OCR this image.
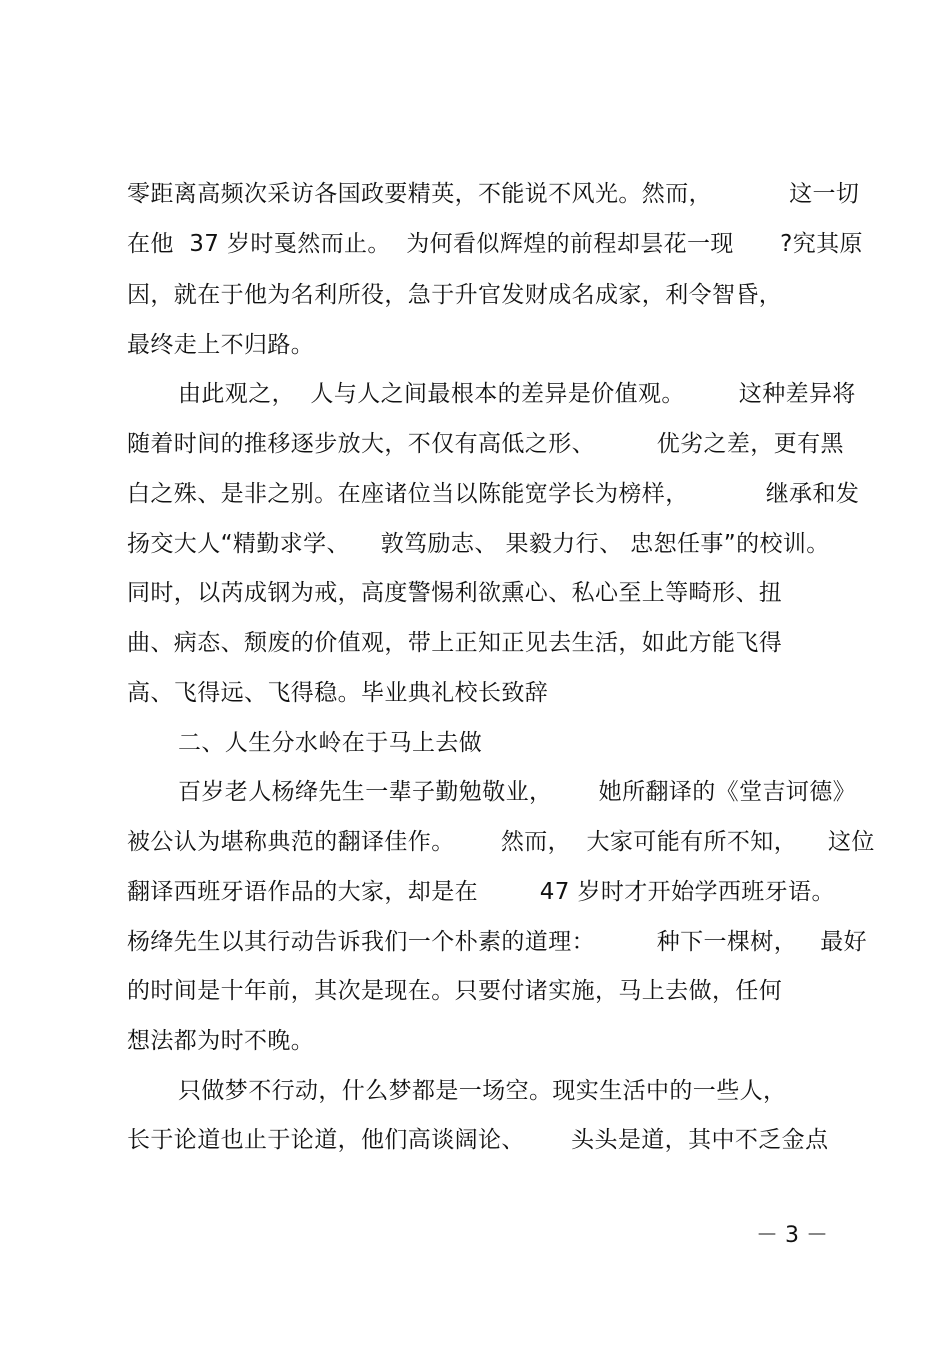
零距离高频次采访各国政要精英，不能说不风光。然而，          这一切
在他  37 岁时戛然而止。  为何看似辉煌的前程却昙花一现      ?究其原
因，就在于他为名利所役，急于升官发财成名成家，利令智昏，
最终走上不归路。
由此观之，  人与人之间最根本的差异是价值观。       这种差异将
随着时间的推移逐步放大，不仅有高低之形、        优劣之差，更有黑
白之殊、是非之别。在座诸位当以陈能宽学长为榜样，          继承和发
扬交大人“精勤求学、    敦笃励志、 果毅力行、 忠恕任事”的校训。
同时，以芮成钢为戒，高度警惕利欲熏心、私心至上等畸形、扭
曲、病态、颓废的价值观，带上正知正见去生活，如此方能飞得
高、飞得远、飞得稳。毕业典礼校长致辞
二、人生分水岭在于马上去做
百岁老人杨绛先生一辈子勤勉敬业，      她所翻译的《堂吉诃德》
被公认为堪称典范的翻译佳作。      然而，  大家可能有所不知，    这位
翻译西班牙语作品的大家，却是在        47 岁时才开始学西班牙语。
杨绛先生以其行动告诉我们一个朴素的道理：        种下一棵树，   最好
的时间是十年前，其次是现在。只要付诸实施，马上去做，任何
想法都为时不晚。
只做梦不行动，什么梦都是一场空。现实生活中的一些人，
长于论道也止于论道，他们高谈阔论、      头头是道，其中不乏金点
－ 3 －
